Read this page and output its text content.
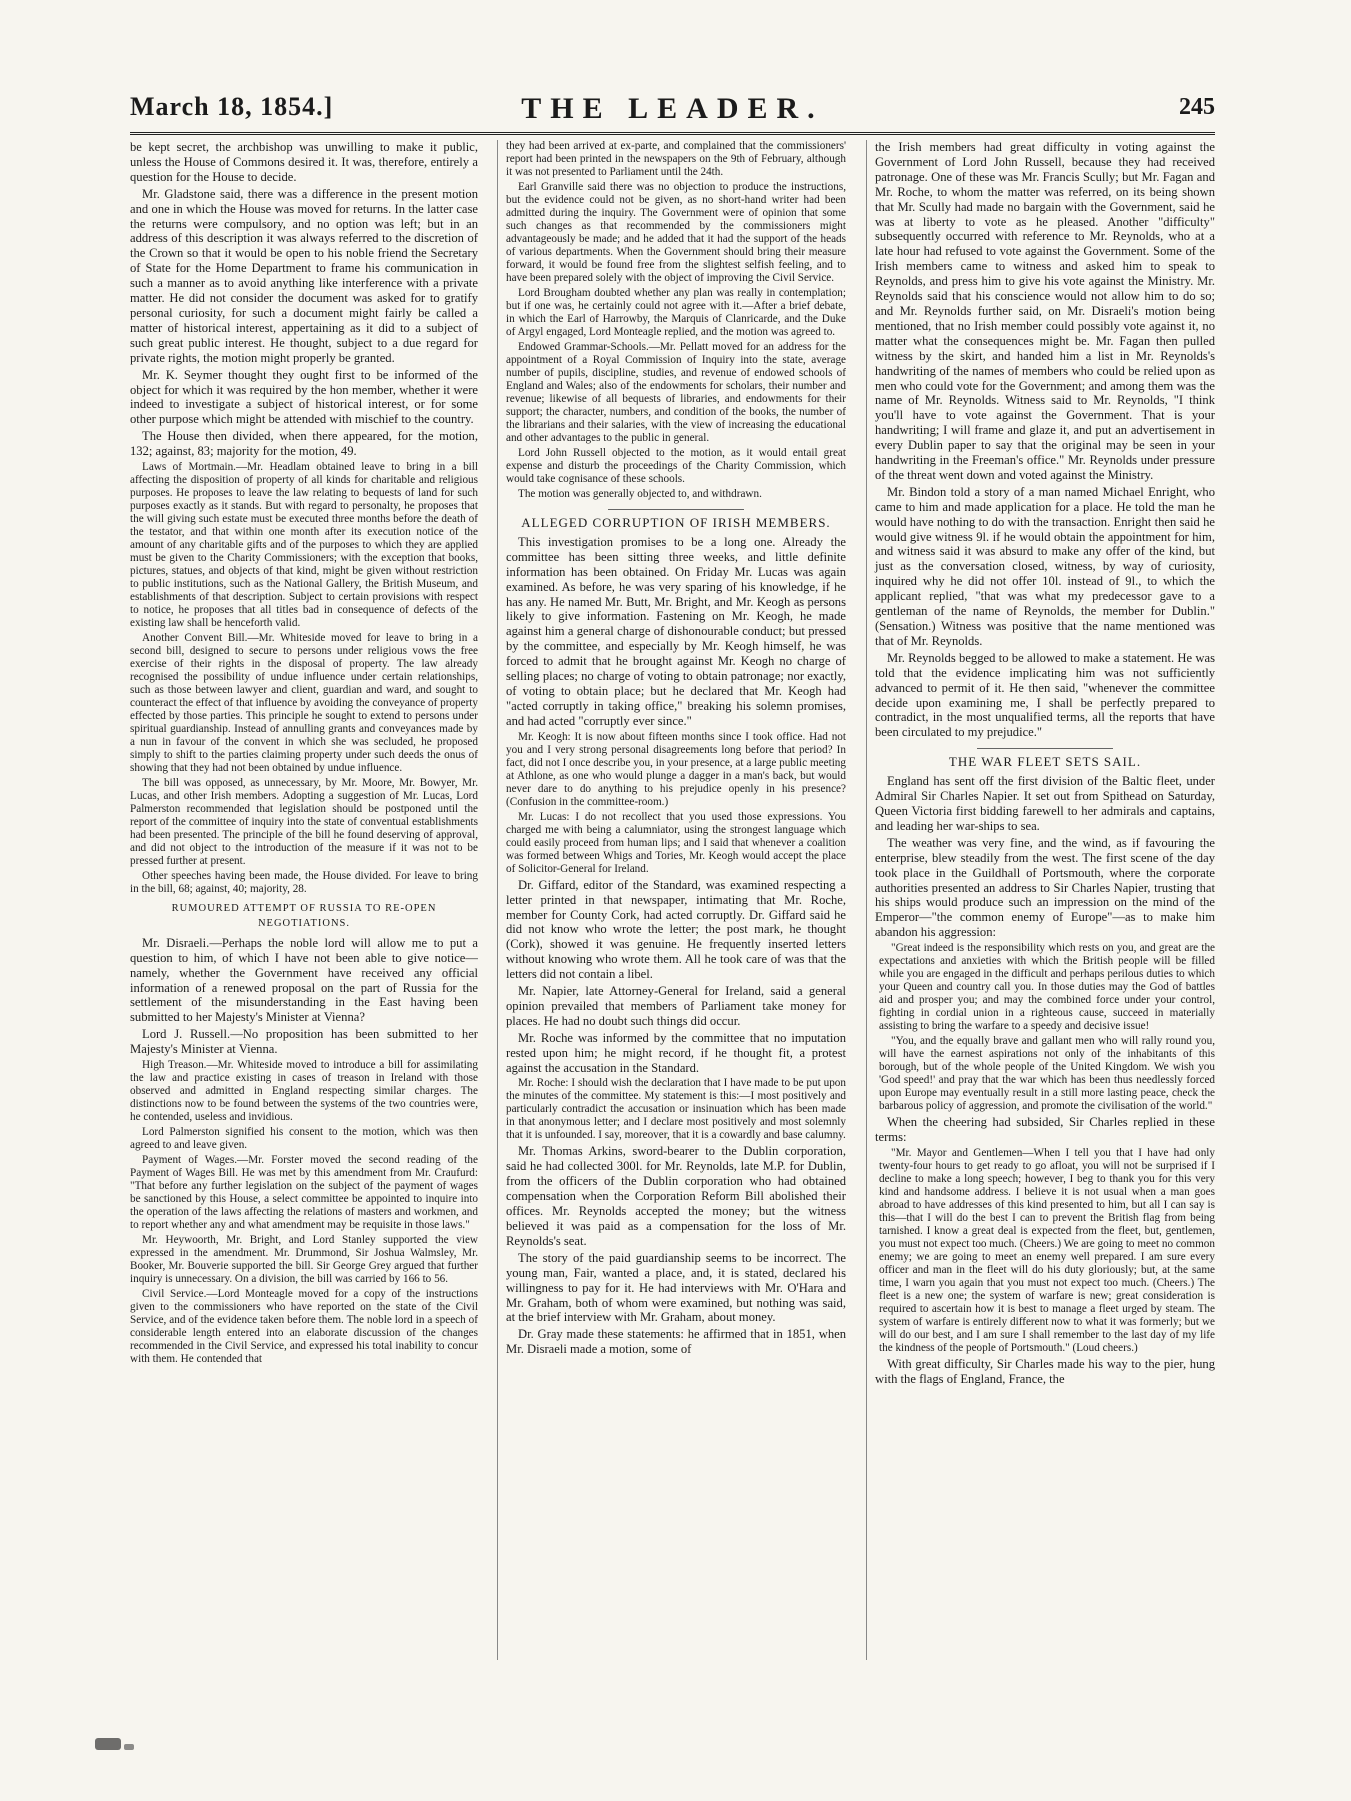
March 18, 1854.]	THE LEADER.	245

be kept secret, the archbishop was unwilling to make it public, unless the House of Commons desired it. It was, therefore, entirely a question for the House to decide.

Mr. Gladstone said, there was a difference in the present motion and one in which the House was moved for returns. In the latter case the returns were compulsory, and no option was left; but in an address of this description it was always referred to the discretion of the Crown so that it would be open to his noble friend the Secretary of State for the Home Department to frame his communication in such a manner as to avoid anything like interference with a private matter. He did not consider the document was asked for to gratify personal curiosity, for such a document might fairly be called a matter of historical interest, appertaining as it did to a subject of such great public interest. He thought, subject to a due regard for private rights, the motion might properly be granted.

Mr. K. Seymer thought they ought first to be informed of the object for which it was required by the hon member, whether it were indeed to investigate a subject of historical interest, or for some other purpose which might be attended with mischief to the country.

The House then divided, when there appeared, for the motion, 132; against, 83; majority for the motion, 49.

Laws of Mortmain.—Mr. Headlam obtained leave to bring in a bill affecting the disposition of property of all kinds for charitable and religious purposes. He proposes to leave the law relating to bequests of land for such purposes exactly as it stands. But with regard to personalty, he proposes that the will giving such estate must be executed three months before the death of the testator, and that within one month after its execution notice of the amount of any charitable gifts and of the purposes to which they are applied must be given to the Charity Commissioners; with the exception that books, pictures, statues, and objects of that kind, might be given without restriction to public institutions, such as the National Gallery, the British Museum, and establishments of that description. Subject to certain provisions with respect to notice, he proposes that all titles bad in consequence of defects of the existing law shall be henceforth valid.

Another Convent Bill.—Mr. Whiteside moved for leave to bring in a second bill, designed to secure to persons under religious vows the free exercise of their rights in the disposal of property. The law already recognised the possibility of undue influence under certain relationships, such as those between lawyer and client, guardian and ward, and sought to counteract the effect of that influence by avoiding the conveyance of property effected by those parties. This principle he sought to extend to persons under spiritual guardianship. Instead of annulling grants and conveyances made by a nun in favour of the convent in which she was secluded, he proposed simply to shift to the parties claiming property under such deeds the onus of showing that they had not been obtained by undue influence.

The bill was opposed, as unnecessary, by Mr. Moore, Mr. Bowyer, Mr. Lucas, and other Irish members. Adopting a suggestion of Mr. Lucas, Lord Palmerston recommended that legislation should be postponed until the report of the committee of inquiry into the state of conventual establishments had been presented. The principle of the bill he found deserving of approval, and did not object to the introduction of the measure if it was not to be pressed further at present.

Other speeches having been made, the House divided. For leave to bring in the bill, 68; against, 40; majority, 28.

RUMOURED ATTEMPT OF RUSSIA TO RE-OPEN NEGOTIATIONS.

Mr. Disraeli.—Perhaps the noble lord will allow me to put a question to him, of which I have not been able to give notice—namely, whether the Government have received any official information of a renewed proposal on the part of Russia for the settlement of the misunderstanding in the East having been submitted to her Majesty's Minister at Vienna?

Lord J. Russell.—No proposition has been submitted to her Majesty's Minister at Vienna.

High Treason.—Mr. Whiteside moved to introduce a bill for assimilating the law and practice existing in cases of treason in Ireland with those observed and admitted in England respecting similar charges. The distinctions now to be found between the systems of the two countries were, he contended, useless and invidious.

Lord Palmerston signified his consent to the motion, which was then agreed to and leave given.

Payment of Wages.—Mr. Forster moved the second reading of the Payment of Wages Bill. He was met by this amendment from Mr. Craufurd: "That before any further legislation on the subject of the payment of wages be sanctioned by this House, a select committee be appointed to inquire into the operation of the laws affecting the relations of masters and workmen, and to report whether any and what amendment may be requisite in those laws."

Mr. Heywoorth, Mr. Bright, and Lord Stanley supported the view expressed in the amendment. Mr. Drummond, Sir Joshua Walmsley, Mr. Booker, Mr. Bouverie supported the bill. Sir George Grey argued that further inquiry is unnecessary. On a division, the bill was carried by 166 to 56.

Civil Service.—Lord Monteagle moved for a copy of the instructions given to the commissioners who have reported on the state of the Civil Service, and of the evidence taken before them. The noble lord in a speech of considerable length entered into an elaborate discussion of the changes recommended in the Civil Service, and expressed his total inability to concur with them. He contended that

they had been arrived at ex-parte, and complained that the commissioners' report had been printed in the newspapers on the 9th of February, although it was not presented to Parliament until the 24th.

Earl Granville said there was no objection to produce the instructions, but the evidence could not be given, as no short-hand writer had been admitted during the inquiry. The Government were of opinion that some such changes as that recommended by the commissioners might advantageously be made; and he added that it had the support of the heads of various departments. When the Government should bring their measure forward, it would be found free from the slightest selfish feeling, and to have been prepared solely with the object of improving the Civil Service.

Lord Brougham doubted whether any plan was really in contemplation; but if one was, he certainly could not agree with it.—After a brief debate, in which the Earl of Harrowby, the Marquis of Clanricarde, and the Duke of Argyl engaged, Lord Monteagle replied, and the motion was agreed to.

Endowed Grammar-Schools.—Mr. Pellatt moved for an address for the appointment of a Royal Commission of Inquiry into the state, average number of pupils, discipline, studies, and revenue of endowed schools of England and Wales; also of the endowments for scholars, their number and revenue; likewise of all bequests of libraries, and endowments for their support; the character, numbers, and condition of the books, the number of the librarians and their salaries, with the view of increasing the educational and other advantages to the public in general.

Lord John Russell objected to the motion, as it would entail great expense and disturb the proceedings of the Charity Commission, which would take cognisance of these schools.

The motion was generally objected to, and withdrawn.

ALLEGED CORRUPTION OF IRISH MEMBERS.

This investigation promises to be a long one. Already the committee has been sitting three weeks, and little definite information has been obtained. On Friday Mr. Lucas was again examined. As before, he was very sparing of his knowledge, if he has any. He named Mr. Butt, Mr. Bright, and Mr. Keogh as persons likely to give information. Fastening on Mr. Keogh, he made against him a general charge of dishonourable conduct; but pressed by the committee, and especially by Mr. Keogh himself, he was forced to admit that he brought against Mr. Keogh no charge of selling places; no charge of voting to obtain patronage; nor exactly, of voting to obtain place; but he declared that Mr. Keogh had "acted corruptly in taking office," breaking his solemn promises, and had acted "corruptly ever since."

Mr. Keogh: It is now about fifteen months since I took office. Had not you and I very strong personal disagreements long before that period? In fact, did not I once describe you, in your presence, at a large public meeting at Athlone, as one who would plunge a dagger in a man's back, but would never dare to do anything to his prejudice openly in his presence? (Confusion in the committee-room.)

Mr. Lucas: I do not recollect that you used those expressions. You charged me with being a calumniator, using the strongest language which could easily proceed from human lips; and I said that whenever a coalition was formed between Whigs and Tories, Mr. Keogh would accept the place of Solicitor-General for Ireland.

Dr. Giffard, editor of the Standard, was examined respecting a letter printed in that newspaper, intimating that Mr. Roche, member for County Cork, had acted corruptly. Dr. Giffard said he did not know who wrote the letter; the post mark, he thought (Cork), showed it was genuine. He frequently inserted letters without knowing who wrote them. All he took care of was that the letters did not contain a libel.

Mr. Napier, late Attorney-General for Ireland, said a general opinion prevailed that members of Parliament take money for places. He had no doubt such things did occur.

Mr. Roche was informed by the committee that no imputation rested upon him; he might record, if he thought fit, a protest against the accusation in the Standard.

Mr. Roche: I should wish the declaration that I have made to be put upon the minutes of the committee. My statement is this:—I most positively and particularly contradict the accusation or insinuation which has been made in that anonymous letter; and I declare most positively and most solemnly that it is unfounded. I say, moreover, that it is a cowardly and base calumny.

Mr. Thomas Arkins, sword-bearer to the Dublin corporation, said he had collected 300l. for Mr. Reynolds, late M.P. for Dublin, from the officers of the Dublin corporation who had obtained compensation when the Corporation Reform Bill abolished their offices. Mr. Reynolds accepted the money; but the witness believed it was paid as a compensation for the loss of Mr. Reynolds's seat.

The story of the paid guardianship seems to be incorrect. The young man, Fair, wanted a place, and, it is stated, declared his willingness to pay for it. He had interviews with Mr. O'Hara and Mr. Graham, both of whom were examined, but nothing was said, at the brief interview with Mr. Graham, about money.

Dr. Gray made these statements: he affirmed that in 1851, when Mr. Disraeli made a motion, some of

the Irish members had great difficulty in voting against the Government of Lord John Russell, because they had received patronage. One of these was Mr. Francis Scully; but Mr. Fagan and Mr. Roche, to whom the matter was referred, on its being shown that Mr. Scully had made no bargain with the Government, said he was at liberty to vote as he pleased. Another "difficulty" subsequently occurred with reference to Mr. Reynolds, who at a late hour had refused to vote against the Government. Some of the Irish members came to witness and asked him to speak to Reynolds, and press him to give his vote against the Ministry. Mr. Reynolds said that his conscience would not allow him to do so; and Mr. Reynolds further said, on Mr. Disraeli's motion being mentioned, that no Irish member could possibly vote against it, no matter what the consequences might be. Mr. Fagan then pulled witness by the skirt, and handed him a list in Mr. Reynolds's handwriting of the names of members who could be relied upon as men who could vote for the Government; and among them was the name of Mr. Reynolds. Witness said to Mr. Reynolds, "I think you'll have to vote against the Government. That is your handwriting; I will frame and glaze it, and put an advertisement in every Dublin paper to say that the original may be seen in your handwriting in the Freeman's office." Mr. Reynolds under pressure of the threat went down and voted against the Ministry.

Mr. Bindon told a story of a man named Michael Enright, who came to him and made application for a place. He told the man he would have nothing to do with the transaction. Enright then said he would give witness 9l. if he would obtain the appointment for him, and witness said it was absurd to make any offer of the kind, but just as the conversation closed, witness, by way of curiosity, inquired why he did not offer 10l. instead of 9l., to which the applicant replied, "that was what my predecessor gave to a gentleman of the name of Reynolds, the member for Dublin." (Sensation.) Witness was positive that the name mentioned was that of Mr. Reynolds.

Mr. Reynolds begged to be allowed to make a statement. He was told that the evidence implicating him was not sufficiently advanced to permit of it. He then said, "whenever the committee decide upon examining me, I shall be perfectly prepared to contradict, in the most unqualified terms, all the reports that have been circulated to my prejudice."

THE WAR FLEET SETS SAIL.

England has sent off the first division of the Baltic fleet, under Admiral Sir Charles Napier. It set out from Spithead on Saturday, Queen Victoria first bidding farewell to her admirals and captains, and leading her war-ships to sea.

The weather was very fine, and the wind, as if favouring the enterprise, blew steadily from the west. The first scene of the day took place in the Guildhall of Portsmouth, where the corporate authorities presented an address to Sir Charles Napier, trusting that his ships would produce such an impression on the mind of the Emperor—"the common enemy of Europe"—as to make him abandon his aggression:

"Great indeed is the responsibility which rests on you, and great are the expectations and anxieties with which the British people will be filled while you are engaged in the difficult and perhaps perilous duties to which your Queen and country call you. In those duties may the God of battles aid and prosper you; and may the combined force under your control, fighting in cordial union in a righteous cause, succeed in materially assisting to bring the warfare to a speedy and decisive issue!

"You, and the equally brave and gallant men who will rally round you, will have the earnest aspirations not only of the inhabitants of this borough, but of the whole people of the United Kingdom. We wish you 'God speed!' and pray that the war which has been thus needlessly forced upon Europe may eventually result in a still more lasting peace, check the barbarous policy of aggression, and promote the civilisation of the world."

When the cheering had subsided, Sir Charles replied in these terms:

"Mr. Mayor and Gentlemen—When I tell you that I have had only twenty-four hours to get ready to go afloat, you will not be surprised if I decline to make a long speech; however, I beg to thank you for this very kind and handsome address. I believe it is not usual when a man goes abroad to have addresses of this kind presented to him, but all I can say is this—that I will do the best I can to prevent the British flag from being tarnished. I know a great deal is expected from the fleet, but, gentlemen, you must not expect too much. (Cheers.) We are going to meet no common enemy; we are going to meet an enemy well prepared. I am sure every officer and man in the fleet will do his duty gloriously; but, at the same time, I warn you again that you must not expect too much. (Cheers.) The fleet is a new one; the system of warfare is new; great consideration is required to ascertain how it is best to manage a fleet urged by steam. The system of warfare is entirely different now to what it was formerly; but we will do our best, and I am sure I shall remember to the last day of my life the kindness of the people of Portsmouth." (Loud cheers.)

With great difficulty, Sir Charles made his way to the pier, hung with the flags of England, France, the
